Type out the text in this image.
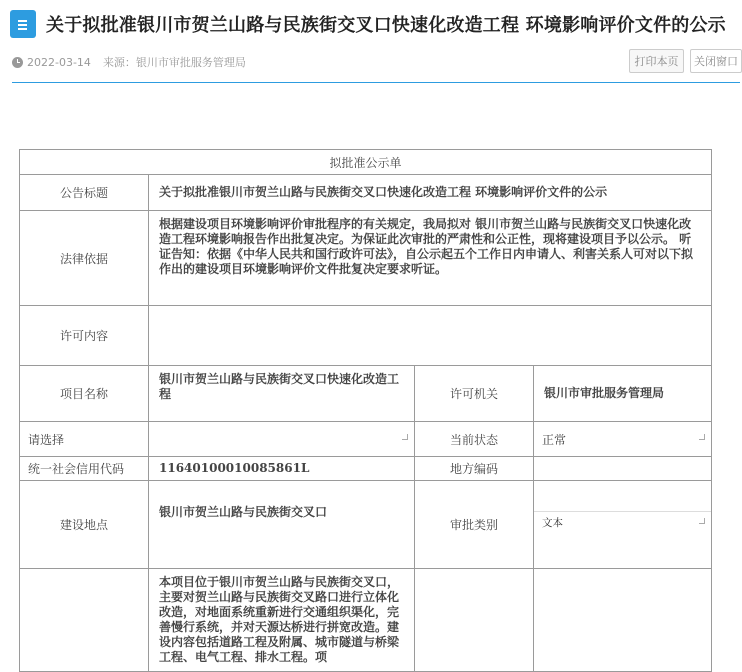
关于拟批准银川市贺兰山路与民族街交叉口快速化改造工程 环境影响评价文件的公示
2022-03-14 来源：银川市审批服务管理局	打印本页	关闭窗口
拟批准公示单			
公告标题	关于拟批准银川市贺兰山路与民族街交叉口快速化改造工程 环境影响评价文件的公示		
法律依据	根据建设项目环境影响评价审批程序的有关规定，我局拟对 银川市贺兰山路与民族街交叉口快速化改造工程环境影响报告作出批复决定。为保证此次审批的严肃性和公正性，现将建设项目予以公示。 听证告知：依据《中华人民共和国行政许可法》，自公示起五个工作日内申请人、利害关系人可对以下拟作出的建设项目环境影响评价文件批复决定要求听证。		
许可内容			
项目名称	银川市贺兰山路与民族街交叉口快速化改造工程	许可机关	银川市审批服务管理局

请选择		当前状态	正常

统一社会信用代码	11640100010085861L	地方编码	
建设地点	银川市贺兰山路与民族街交叉口	审批类别	文本

	本项目位于银川市贺兰山路与民族街交叉口，主要对贺兰山路与民族街交叉路口进行立体化改造，对地面系统重新进行交通组织渠化，完善慢行系统，并对天源达桥进行拼宽改造。建设内容包括道路工程及附属、城市隧道与桥梁工程、电气工程、排水工程。项		
